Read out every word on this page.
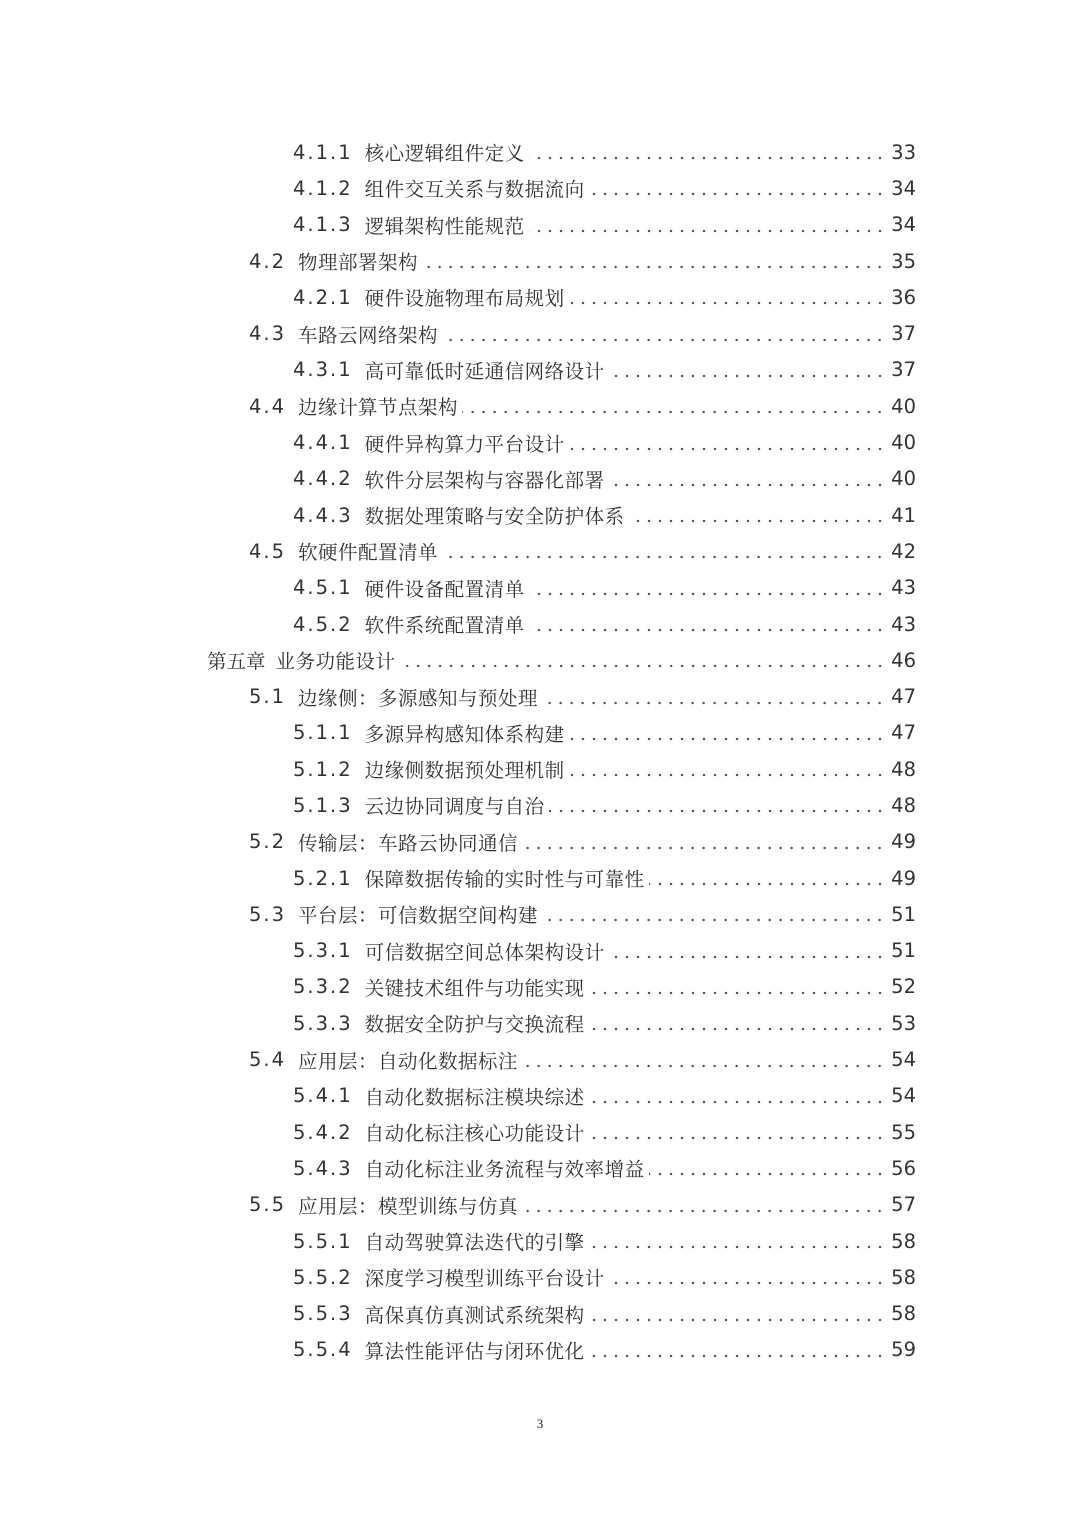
4.1.1 核心逻辑组件定义	33
4.1.2 组件交互关系与数据流向	34
4.1.3 逻辑架构性能规范	34
4.2 物理部署架构	35
4.2.1 硬件设施物理布局规划	36
4.3 车路云网络架构	37
4.3.1 高可靠低时延通信网络设计	37
4.4 边缘计算节点架构	40
4.4.1 硬件异构算力平台设计	40
4.4.2 软件分层架构与容器化部署	40
4.4.3 数据处理策略与安全防护体系	41
4.5 软硬件配置清单	42
4.5.1 硬件设备配置清单	43
4.5.2 软件系统配置清单	43
第五章 业务功能设计	46
5.1 边缘侧：多源感知与预处理	47
5.1.1 多源异构感知体系构建	47
5.1.2 边缘侧数据预处理机制	48
5.1.3 云边协同调度与自治	48
5.2 传输层：车路云协同通信	49
5.2.1 保障数据传输的实时性与可靠性	49
5.3 平台层：可信数据空间构建	51
5.3.1 可信数据空间总体架构设计	51
5.3.2 关键技术组件与功能实现	52
5.3.3 数据安全防护与交换流程	53
5.4 应用层：自动化数据标注	54
5.4.1 自动化数据标注模块综述	54
5.4.2 自动化标注核心功能设计	55
5.4.3 自动化标注业务流程与效率增益	56
5.5 应用层：模型训练与仿真	57
5.5.1 自动驾驶算法迭代的引擎	58
5.5.2 深度学习模型训练平台设计	58
5.5.3 高保真仿真测试系统架构	58
5.5.4 算法性能评估与闭环优化	59
3
